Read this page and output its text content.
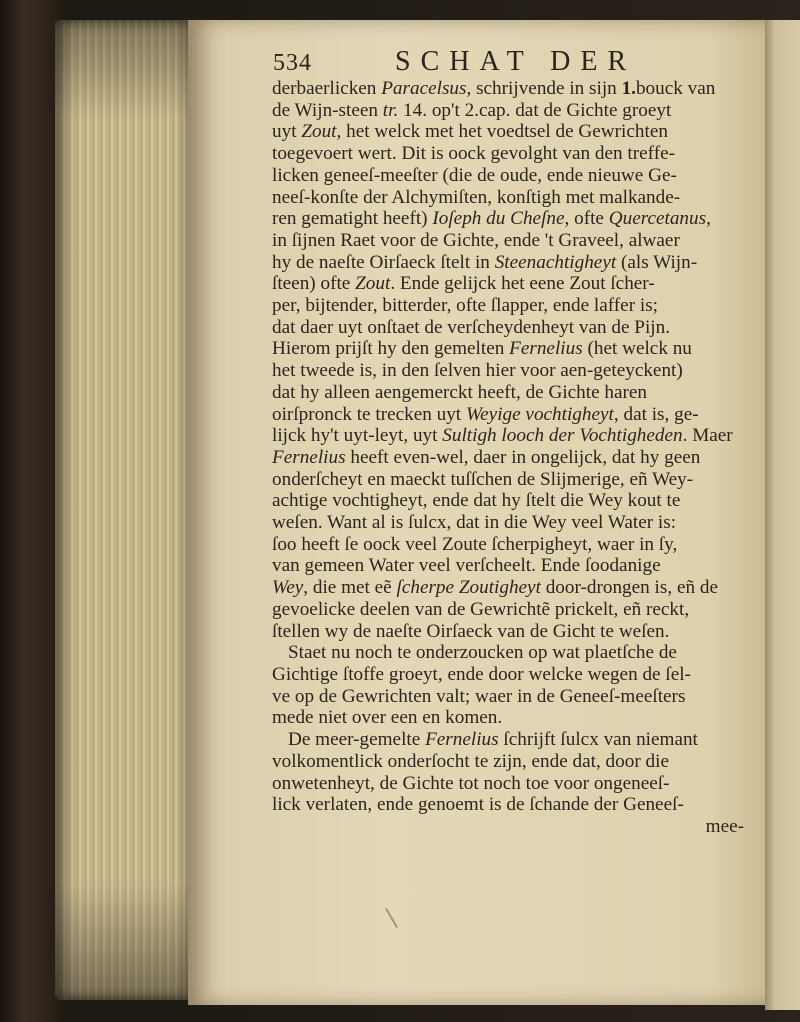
534	SCHAT DER
derbaerlicken Paracelsus, schrijvende in sijn 1.bouck van
de Wijn-steen tr. 14. op't 2.cap. dat de Gichte groeyt
uyt Zout, het welck met het voedtsel de Gewrichten
toegevoert wert. Dit is oock gevolght van den treffe-
licken geneeſ-meeſter (die de oude, ende nieuwe Ge-
neeſ-konſte der Alchymiſten, konſtigh met malkande-
ren gematight heeft) Ioſeph du Cheſne, ofte Quercetanus,
in ſijnen Raet voor de Gichte, ende 't Graveel, alwaer
hy de naeſte Oirſaeck ſtelt in Steenachtigheyt (als Wijn-
ſteen) ofte Zout. Ende gelijck het eene Zout ſcher-
per, bijtender, bitterder, ofte ſlapper, ende laffer is;
dat daer uyt onſtaet de verſcheydenheyt van de Pijn.
Hierom prijſt hy den gemelten Fernelius (het welck nu
het tweede is, in den ſelven hier voor aen-geteyckent)
dat hy alleen aengemerckt heeft, de Gichte haren
oirſpronck te trecken uyt Weyige vochtigheyt, dat is, ge-
lijck hy't uyt-leyt, uyt Sultigh looch der Vochtigheden. Maer
Fernelius heeft even-wel, daer in ongelijck, dat hy geen
onderſcheyt en maeckt tuſſchen de Slijmerige, eñ Wey-
achtige vochtigheyt, ende dat hy ſtelt die Wey kout te
weſen. Want al is ſulcx, dat in die Wey veel Water is:
ſoo heeft ſe oock veel Zoute ſcherpigheyt, waer in ſy,
van gemeen Water veel verſcheelt. Ende ſoodanige
Wey, die met eẽ ſcherpe Zoutigheyt door-drongen is, eñ de
gevoelicke deelen van de Gewrichtẽ prickelt, eñ reckt,
ſtellen wy de naeſte Oirſaeck van de Gicht te weſen.
Staet nu noch te onderzoucken op wat plaetſche de
Gichtige ſtoffe groeyt, ende door welcke wegen de ſel-
ve op de Gewrichten valt; waer in de Geneeſ-meeſters
mede niet over een en komen.
De meer-gemelte Fernelius ſchrijft ſulcx van niemant
volkomentlick onderſocht te zijn, ende dat, door die
onwetenheyt, de Gichte tot noch toe voor ongeneeſ-
lick verlaten, ende genoemt is de ſchande der Geneeſ-
mee-
